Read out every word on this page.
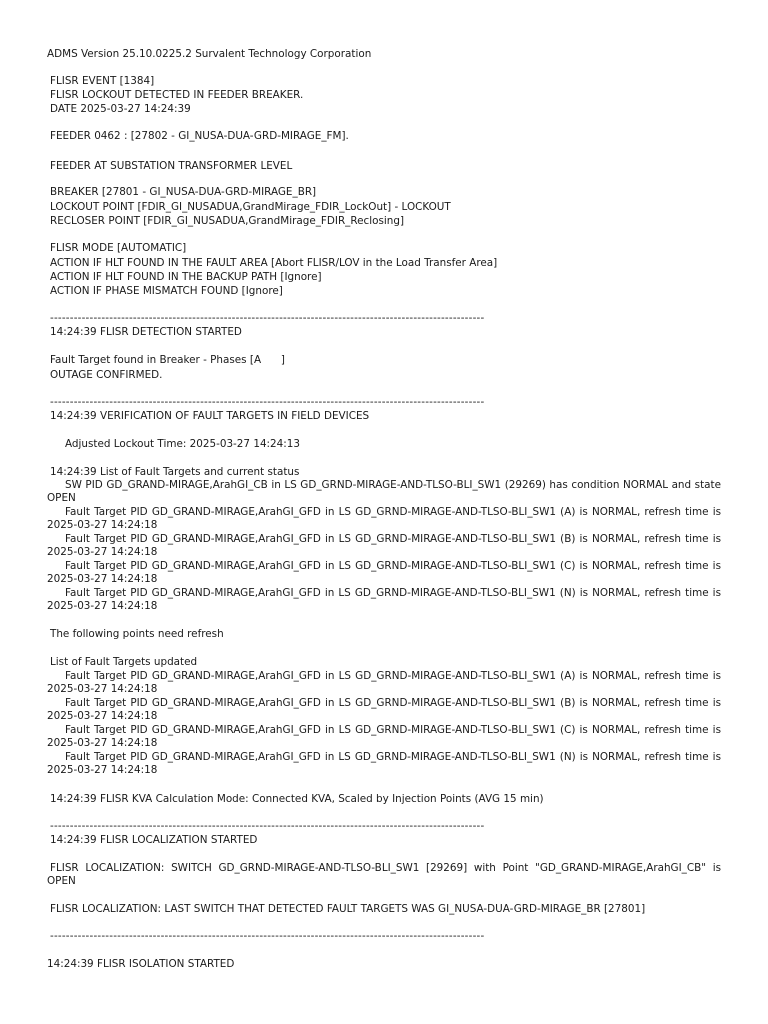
ADMS Version 25.10.0225.2 Survalent Technology Corporation
FLISR EVENT [1384]
FLISR LOCKOUT DETECTED IN FEEDER BREAKER.
DATE 2025-03-27 14:24:39
FEEDER 0462 : [27802 - GI_NUSA-DUA-GRD-MIRAGE_FM].
FEEDER AT SUBSTATION TRANSFORMER LEVEL
BREAKER [27801 - GI_NUSA-DUA-GRD-MIRAGE_BR]
LOCKOUT POINT [FDIR_GI_NUSADUA,GrandMirage_FDIR_LockOut] - LOCKOUT
RECLOSER POINT [FDIR_GI_NUSADUA,GrandMirage_FDIR_Reclosing]
FLISR MODE [AUTOMATIC]
ACTION IF HLT FOUND IN THE FAULT AREA [Abort FLISR/LOV in the Load Transfer Area]
ACTION IF HLT FOUND IN THE BACKUP PATH [Ignore]
ACTION IF PHASE MISMATCH FOUND [Ignore]
--------------------------------------------------------------------------------------------------------------
14:24:39 FLISR DETECTION STARTED
Fault Target found in Breaker - Phases [A      ]
OUTAGE CONFIRMED.
--------------------------------------------------------------------------------------------------------------
14:24:39 VERIFICATION OF FAULT TARGETS IN FIELD DEVICES
Adjusted Lockout Time: 2025-03-27 14:24:13
14:24:39 List of Fault Targets and current status
SW PID GD_GRAND-MIRAGE,ArahGI_CB in LS GD_GRND-MIRAGE-AND-TLSO-BLI_SW1 (29269) has condition NORMAL and state OPEN
Fault Target PID GD_GRAND-MIRAGE,ArahGI_GFD in LS GD_GRND-MIRAGE-AND-TLSO-BLI_SW1 (A) is NORMAL, refresh time is 2025-03-27 14:24:18
Fault Target PID GD_GRAND-MIRAGE,ArahGI_GFD in LS GD_GRND-MIRAGE-AND-TLSO-BLI_SW1 (B) is NORMAL, refresh time is 2025-03-27 14:24:18
Fault Target PID GD_GRAND-MIRAGE,ArahGI_GFD in LS GD_GRND-MIRAGE-AND-TLSO-BLI_SW1 (C) is NORMAL, refresh time is 2025-03-27 14:24:18
Fault Target PID GD_GRAND-MIRAGE,ArahGI_GFD in LS GD_GRND-MIRAGE-AND-TLSO-BLI_SW1 (N) is NORMAL, refresh time is 2025-03-27 14:24:18
The following points need refresh
List of Fault Targets updated
Fault Target PID GD_GRAND-MIRAGE,ArahGI_GFD in LS GD_GRND-MIRAGE-AND-TLSO-BLI_SW1 (A) is NORMAL, refresh time is 2025-03-27 14:24:18
Fault Target PID GD_GRAND-MIRAGE,ArahGI_GFD in LS GD_GRND-MIRAGE-AND-TLSO-BLI_SW1 (B) is NORMAL, refresh time is 2025-03-27 14:24:18
Fault Target PID GD_GRAND-MIRAGE,ArahGI_GFD in LS GD_GRND-MIRAGE-AND-TLSO-BLI_SW1 (C) is NORMAL, refresh time is 2025-03-27 14:24:18
Fault Target PID GD_GRAND-MIRAGE,ArahGI_GFD in LS GD_GRND-MIRAGE-AND-TLSO-BLI_SW1 (N) is NORMAL, refresh time is 2025-03-27 14:24:18
14:24:39 FLISR KVA Calculation Mode: Connected KVA, Scaled by Injection Points (AVG 15 min)
--------------------------------------------------------------------------------------------------------------
14:24:39 FLISR LOCALIZATION STARTED
FLISR LOCALIZATION: SWITCH GD_GRND-MIRAGE-AND-TLSO-BLI_SW1 [29269] with Point "GD_GRAND-MIRAGE,ArahGI_CB" is OPEN
FLISR LOCALIZATION: LAST SWITCH THAT DETECTED FAULT TARGETS WAS GI_NUSA-DUA-GRD-MIRAGE_BR [27801]
--------------------------------------------------------------------------------------------------------------
14:24:39 FLISR ISOLATION STARTED
